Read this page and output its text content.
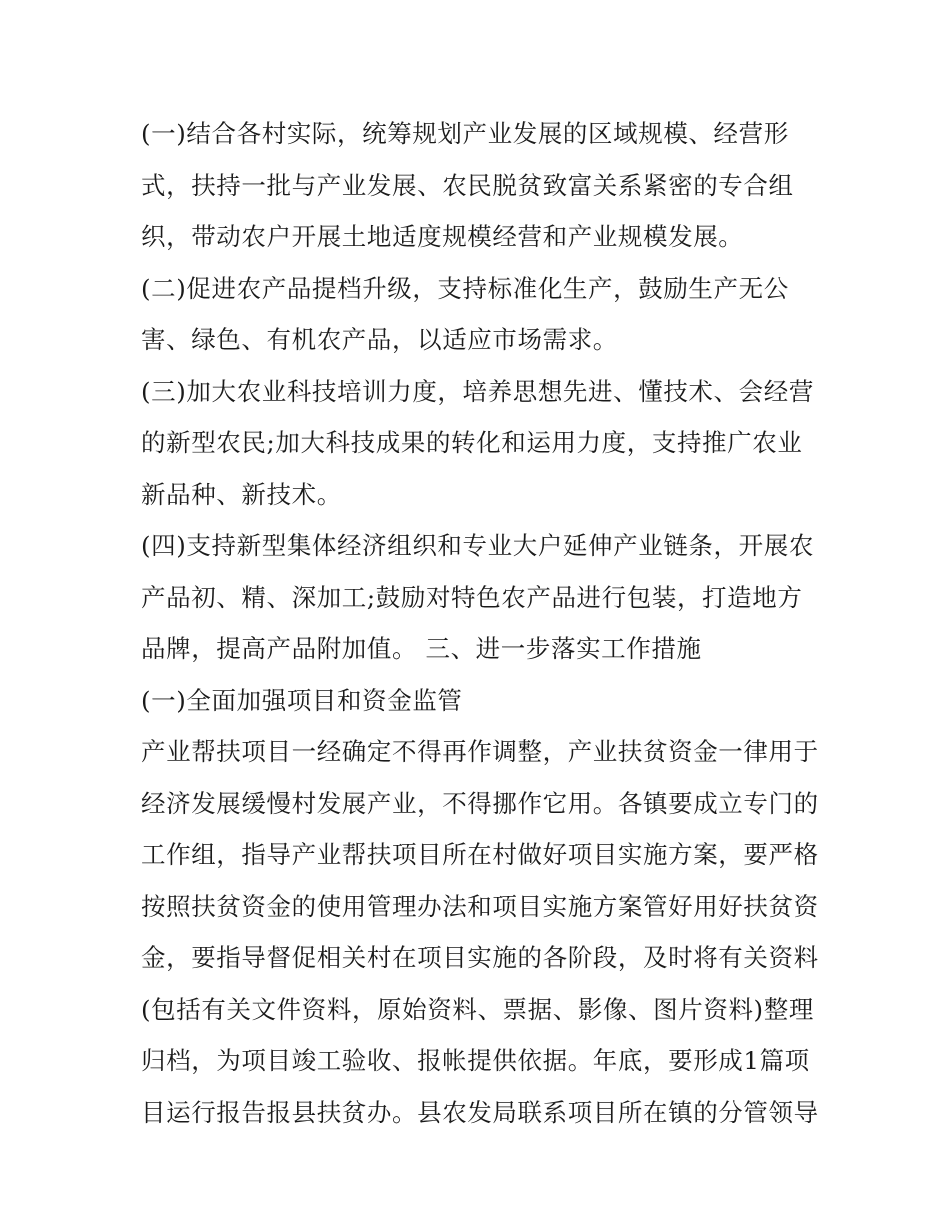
(一)结合各村实际，统筹规划产业发展的区域规模、经营形
式，扶持一批与产业发展、农民脱贫致富关系紧密的专合组
织，带动农户开展土地适度规模经营和产业规模发展。
(二)促进农产品提档升级，支持标准化生产，鼓励生产无公
害、绿色、有机农产品，以适应市场需求。
(三)加大农业科技培训力度，培养思想先进、懂技术、会经营
的新型农民;加大科技成果的转化和运用力度，支持推广农业
新品种、新技术。
(四)支持新型集体经济组织和专业大户延伸产业链条，开展农
产品初、精、深加工;鼓励对特色农产品进行包装，打造地方
品牌，提高产品附加值。 三、进一步落实工作措施
(一)全面加强项目和资金监管
产业帮扶项目一经确定不得再作调整，产业扶贫资金一律用于
经济发展缓慢村发展产业，不得挪作它用。各镇要成立专门的
工作组，指导产业帮扶项目所在村做好项目实施方案，要严格
按照扶贫资金的使用管理办法和项目实施方案管好用好扶贫资
金，要指导督促相关村在项目实施的各阶段，及时将有关资料
(包括有关文件资料，原始资料、票据、影像、图片资料)整理
归档，为项目竣工验收、报帐提供依据。年底，要形成1篇项
目运行报告报县扶贫办。县农发局联系项目所在镇的分管领导
